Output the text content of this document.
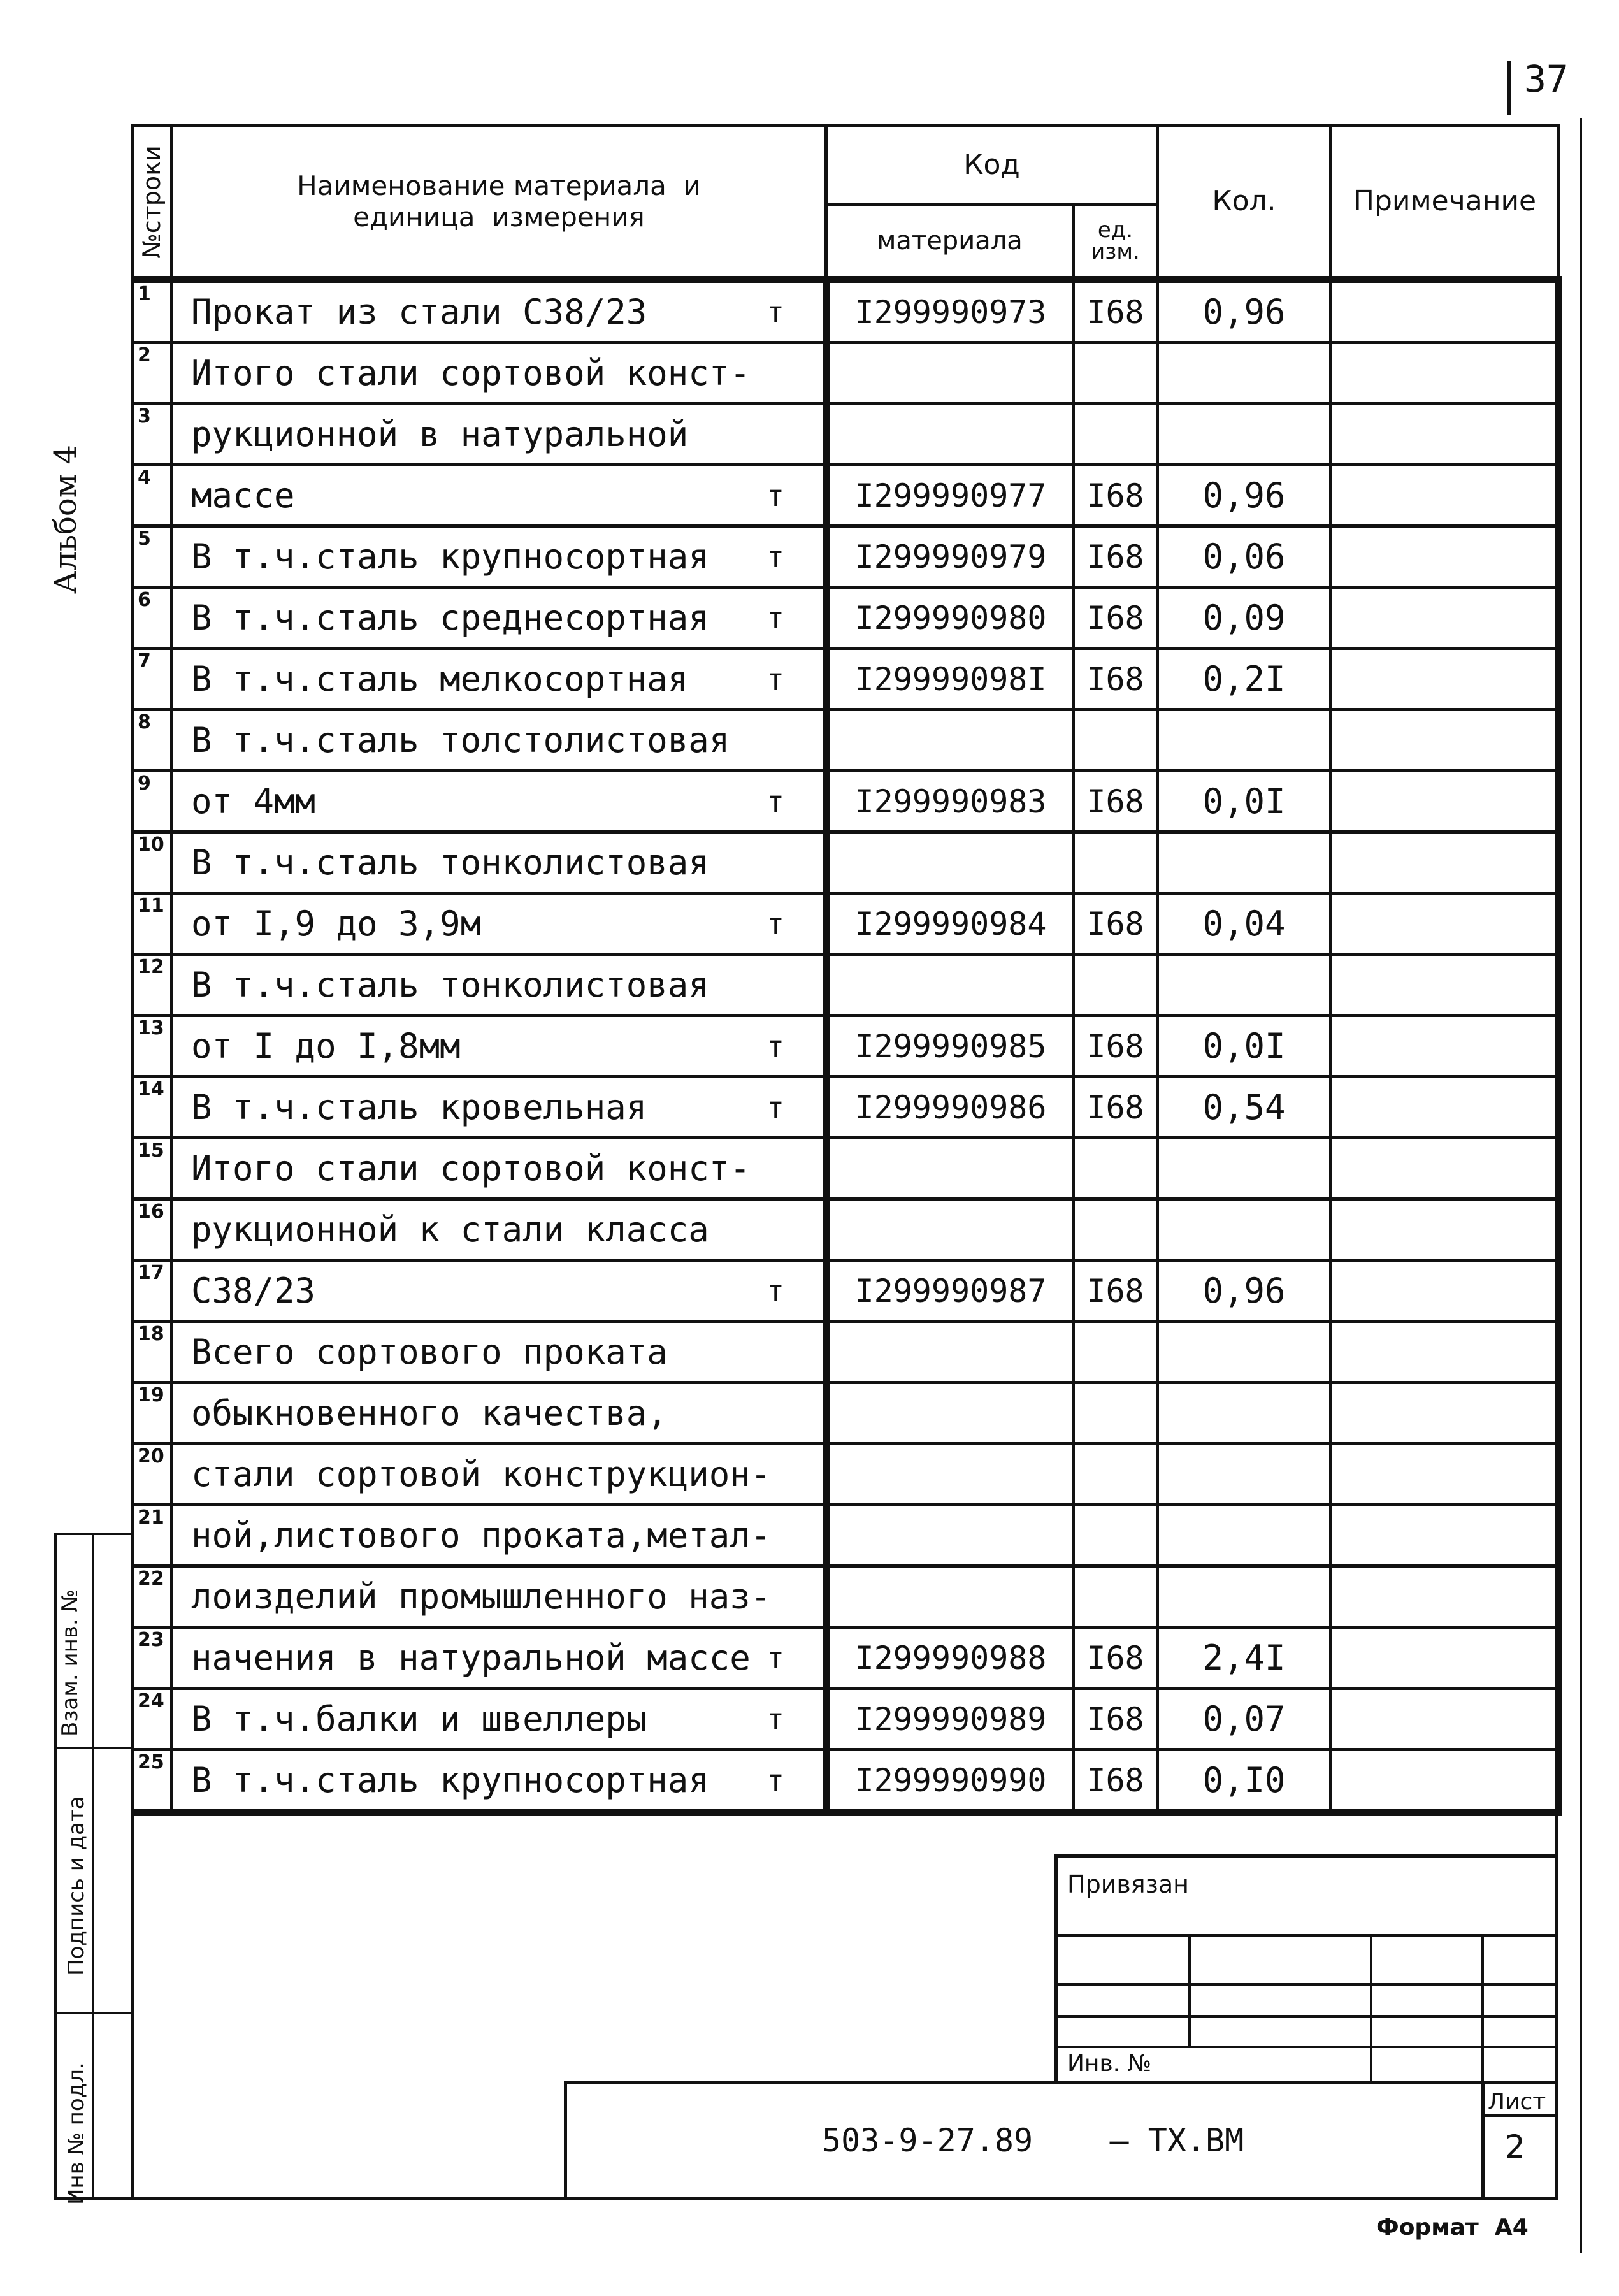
37
Альбом 4
№строки	Наименование материала  и
единица  измерения	Код		Кол.	Примечание
		материала	ед.
изм.		

1	Прокат из стали С38/23 т	I299990973	I68	0,96	
2	Итого стали сортовой конст-

3	рукционной в натуральной

4	массе т	I299990977	I68	0,96	
5	В т.ч.сталь крупносортная т	I299990979	I68	0,06	
6	В т.ч.сталь среднесортная т	I299990980	I68	0,09	
7	В т.ч.сталь мелкосортная т	I29999098I	I68	0,2I	
8	В т.ч.сталь толстолистовая

9	от 4мм т	I299990983	I68	0,0I	
10	В т.ч.сталь тонколистовая

11	от I,9 до 3,9м т	I299990984	I68	0,04	
12	В т.ч.сталь тонколистовая

13	от I до I,8мм т	I299990985	I68	0,0I	
14	В т.ч.сталь кровельная т	I299990986	I68	0,54	
15	Итого стали сортовой конст-

16	рукционной к стали класса

17	С38/23 т	I299990987	I68	0,96	
18	Всего сортового проката

19	обыкновенного качества,

20	стали сортовой конструкцион-

21	ной,листового проката,метал-

22	лоизделий промышленного наз-

23	начения в натуральной массе т	I299990988	I68	2,4I	
24	В т.ч.балки и швеллеры т	I299990989	I68	0,07	
25	В т.ч.сталь крупносортная т	I299990990	I68	0,I0	
Взам. инв. №
Подпись и дата
Инв № подл.
Привязан
Инв. №
503-9-27.89    – ТХ.ВМ
Лист
2
Формат  А4
